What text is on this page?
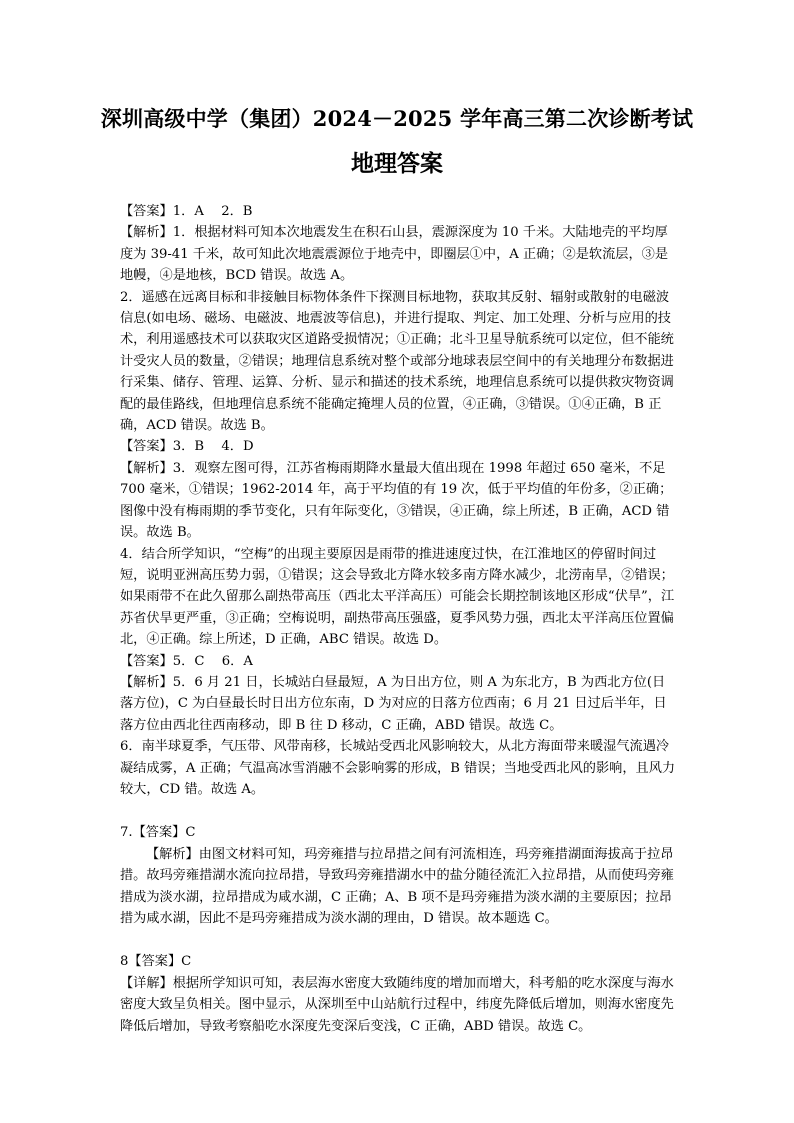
深圳高级中学（集团）2024－2025 学年高三第二次诊断考试
地理答案

【答案】1．A　 2．B

【解析】1．根据材料可知本次地震发生在积石山县，震源深度为 10 千米。大陆地壳的平均厚度为 39-41 千米，故可知此次地震震源位于地壳中，即圈层①中，A 正确；②是软流层，③是地幔，④是地核，BCD 错误。故选 A。

2．遥感在远离目标和非接触目标物体条件下探测目标地物，获取其反射、辐射或散射的电磁波信息(如电场、磁场、电磁波、地震波等信息)，并进行提取、判定、加工处理、分析与应用的技术，利用遥感技术可以获取灾区道路受损情况；①正确；北斗卫星导航系统可以定位，但不能统计受灾人员的数量，②错误；地理信息系统对整个或部分地球表层空间中的有关地理分布数据进行采集、储存、管理、运算、分析、显示和描述的技术系统，地理信息系统可以提供救灾物资调配的最佳路线，但地理信息系统不能确定掩埋人员的位置，④正确，③错误。①④正确，B 正确，ACD 错误。故选 B。

【答案】3．B　 4．D

【解析】3．观察左图可得，江苏省梅雨期降水量最大值出现在 1998 年超过 650 毫米，不足 700 毫米，①错误；1962-2014 年，高于平均值的有 19 次，低于平均值的年份多，②正确；图像中没有梅雨期的季节变化，只有年际变化，③错误，④正确，综上所述，B 正确，ACD 错误。故选 B。

4．结合所学知识，“空梅”的出现主要原因是雨带的推进速度过快，在江淮地区的停留时间过短，说明亚洲高压势力弱，①错误；这会导致北方降水较多南方降水减少，北涝南旱，②错误；如果雨带不在此久留那么副热带高压（西北太平洋高压）可能会长期控制该地区形成“伏旱”，江苏省伏旱更严重，③正确；空梅说明，副热带高压强盛，夏季风势力强，西北太平洋高压位置偏北，④正确。综上所述，D 正确，ABC 错误。故选 D。

【答案】5．C　 6．A

【解析】5．6 月 21 日，长城站白昼最短，A 为日出方位，则 A 为东北方，B 为西北方位(日落方位)，C 为白昼最长时日出方位东南，D 为对应的日落方位西南；6 月 21 日过后半年，日落方位由西北往西南移动，即 B 往 D 移动，C 正确，ABD 错误。故选 C。

6．南半球夏季，气压带、风带南移，长城站受西北风影响较大，从北方海面带来暖湿气流遇冷凝结成雾，A 正确；气温高冰雪消融不会影响雾的形成，B 错误；当地受西北风的影响，且风力较大，CD 错。故选 A。

7.【答案】C

【解析】由图文材料可知，玛旁雍措与拉昂措之间有河流相连，玛旁雍措湖面海拔高于拉昂措。故玛旁雍措湖水流向拉昂措，导致玛旁雍措湖水中的盐分随径流汇入拉昂措，从而使玛旁雍措成为淡水湖，拉昂措成为咸水湖，C 正确；A、B 项不是玛旁雍措为淡水湖的主要原因；拉昂措为咸水湖，因此不是玛旁雍措成为淡水湖的理由，D 错误。故本题选 C。

8【答案】C

【详解】根据所学知识可知，表层海水密度大致随纬度的增加而增大，科考船的吃水深度与海水密度大致呈负相关。图中显示，从深圳至中山站航行过程中，纬度先降低后增加，则海水密度先降低后增加，导致考察船吃水深度先变深后变浅，C 正确，ABD 错误。故选 C。
